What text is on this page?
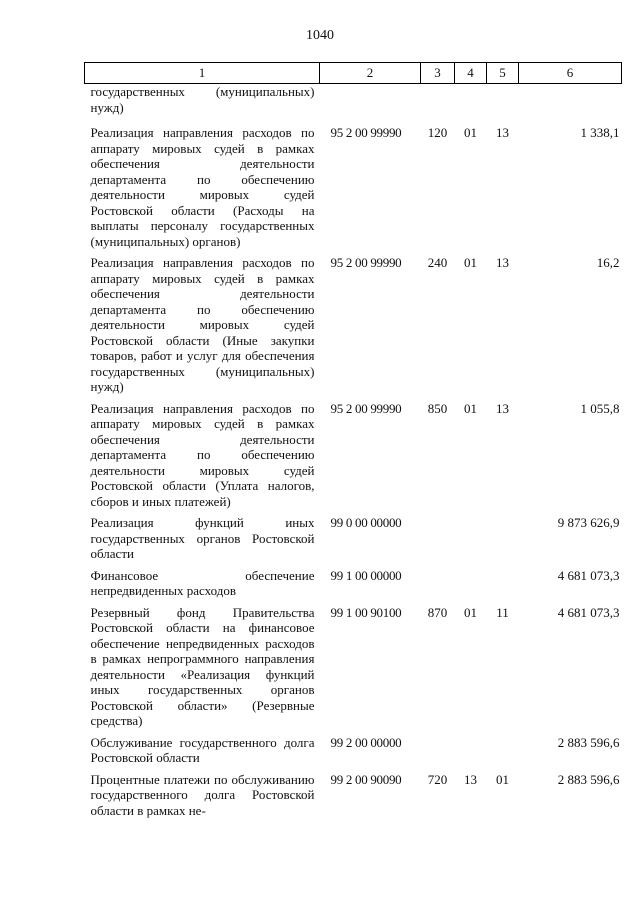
1040
1	2	3	4	5	6
государственных (муниципальных) нужд)					
Реализация направления расходов по аппарату мировых судей в рамках обеспечения деятельности департамента по обеспечению деятельности мировых судей Ростовской области (Расходы на выплаты персоналу государственных (муниципальных) органов)	95 2 00 99990	120	01	13	1 338,1
Реализация направления расходов по аппарату мировых судей в рамках обеспечения деятельности департамента по обеспечению деятельности мировых судей Ростовской области (Иные закупки товаров, работ и услуг для обеспечения государственных (муниципальных) нужд)	95 2 00 99990	240	01	13	16,2
Реализация направления расходов по аппарату мировых судей в рамках обеспечения деятельности департамента по обеспечению деятельности мировых судей Ростовской области (Уплата налогов, сборов и иных платежей)	95 2 00 99990	850	01	13	1 055,8
Реализация функций иных государственных органов Ростовской области	99 0 00 00000				9 873 626,9
Финансовое обеспечение непредвиденных расходов	99 1 00 00000				4 681 073,3
Резервный фонд Правительства Ростовской области на финансовое обеспечение непредвиденных расходов в рамках непрограммного направления деятельности «Реализация функций иных государственных органов Ростовской области» (Резервные средства)	99 1 00 90100	870	01	11	4 681 073,3
Обслуживание государственного долга Ростовской области	99 2 00 00000				2 883 596,6
Процентные платежи по обслуживанию государственного долга Ростовской области в рамках не-	99 2 00 90090	720	13	01	2 883 596,6
